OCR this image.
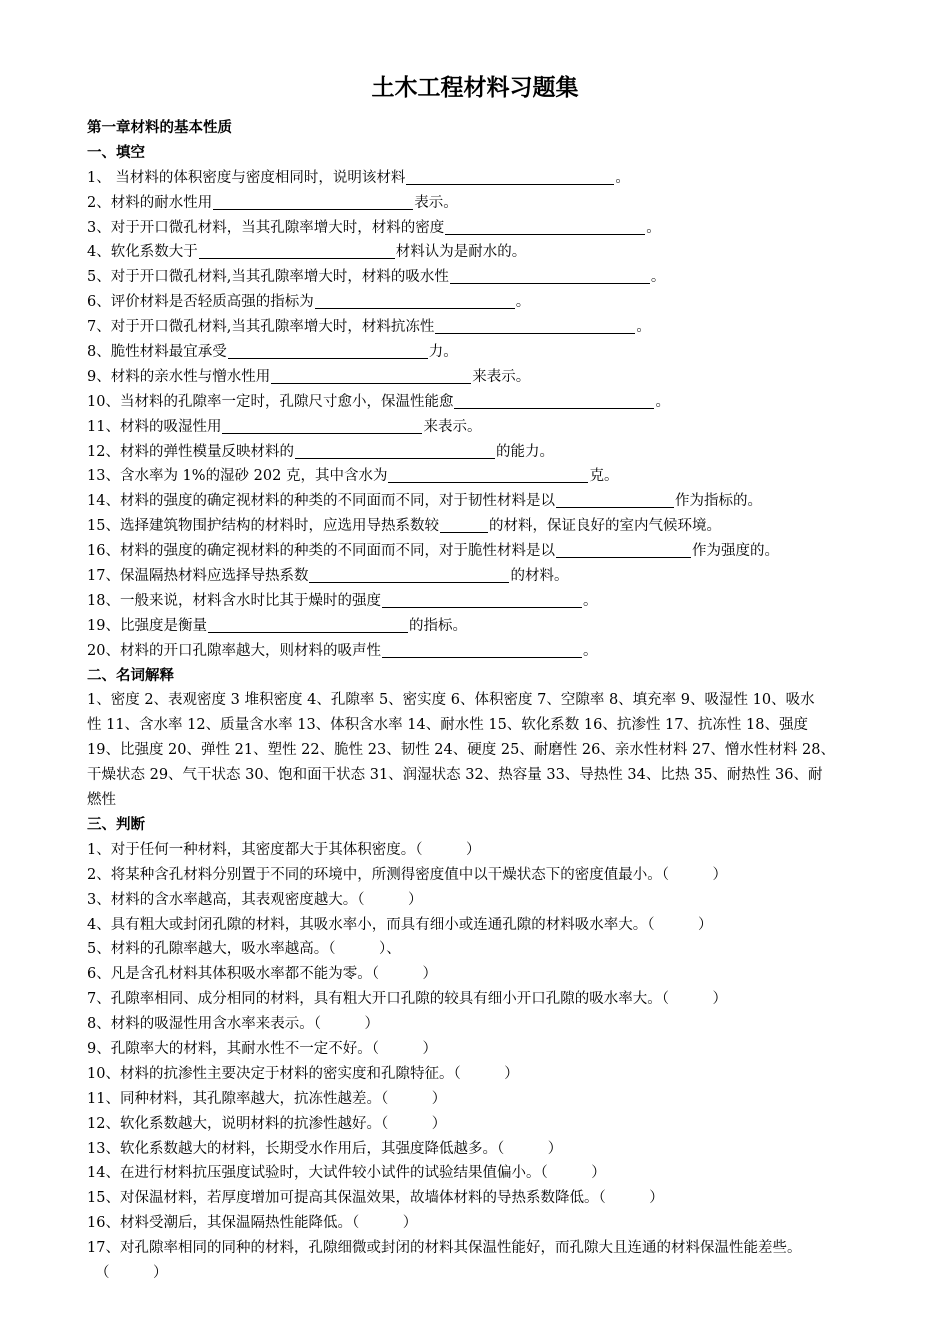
土木工程材料习题集
第一章材料的基本性质
一、填空
1、 当材料的体积密度与密度相同时，说明该材料	。
2、材料的耐水性用	表示。
3、对于开口微孔材料，当其孔隙率增大时，材料的密度	。
4、软化系数大于	材料认为是耐水的。
5、对于开口微孔材料,当其孔隙率增大时，材料的吸水性	。
6、评价材料是否轻质高强的指标为	。
7、对于开口微孔材料,当其孔隙率增大时，材料抗冻性	。
8、脆性材料最宜承受	力。
9、材料的亲水性与憎水性用	来表示。
10、当材料的孔隙率一定时，孔隙尺寸愈小，保温性能愈	。
11、材料的吸湿性用	来表示。
12、材料的弹性模量反映材料的	的能力。
13、含水率为 1%的湿砂 202 克，其中含水为	克。
14、材料的强度的确定视材料的种类的不同面而不同，对于韧性材料是以	作为指标的。
15、选择建筑物围护结构的材料时，应选用导热系数较	的材料，保证良好的室内气候环境。
16、材料的强度的确定视材料的种类的不同面而不同，对于脆性材料是以	作为强度的。
17、保温隔热材料应选择导热系数	的材料。
18、一般来说，材料含水时比其于燥时的强度	。
19、比强度是衡量	的指标。
20、材料的开口孔隙率越大，则材料的吸声性	。
二、名词解释
1、密度 2、表观密度 3 堆积密度 4、孔隙率 5、密实度 6、体积密度 7、空隙率 8、填充率 9、吸湿性 10、吸水
性 11、含水率 12、质量含水率 13、体积含水率 14、耐水性 15、软化系数 16、抗渗性 17、抗冻性 18、强度
19、比强度 20、弹性 21、塑性 22、脆性 23、韧性 24、硬度 25、耐磨性 26、亲水性材料 27、憎水性材料 28、
干燥状态 29、气干状态 30、饱和面干状态 31、润湿状态 32、热容量 33、导热性 34、比热 35、耐热性 36、耐
燃性
三、判断
1、对于任何一种材料，其密度都大于其体积密度。（　　　）
2、将某种含孔材料分别置于不同的环境中，所测得密度值中以干燥状态下的密度值最小。（　　　）
3、材料的含水率越高，其表观密度越大。（　　　）
4、具有粗大或封闭孔隙的材料，其吸水率小，而具有细小或连通孔隙的材料吸水率大。（　　　）
5、材料的孔隙率越大，吸水率越高。（　　　）、
6、凡是含孔材料其体积吸水率都不能为零。（　　　）
7、孔隙率相同、成分相同的材料，具有粗大开口孔隙的较具有细小开口孔隙的吸水率大。（　　　）
8、材料的吸湿性用含水率来表示。（　　　）
9、孔隙率大的材料，其耐水性不一定不好。（　　　）
10、材料的抗渗性主要决定于材料的密实度和孔隙特征。（　　　）
11、同种材料，其孔隙率越大，抗冻性越差。（　　　）
12、软化系数越大，说明材料的抗渗性越好。（　　　）
13、软化系数越大的材料，长期受水作用后，其强度降低越多。（　　　）
14、在进行材料抗压强度试验时，大试件较小试件的试验结果值偏小。（　　　）
15、对保温材料，若厚度增加可提高其保温效果，故墙体材料的导热系数降低。（　　　）
16、材料受潮后，其保温隔热性能降低。（　　　）
17、对孔隙率相同的同种的材料，孔隙细微或封闭的材料其保温性能好，而孔隙大且连通的材料保温性能差些。
（　　　）
